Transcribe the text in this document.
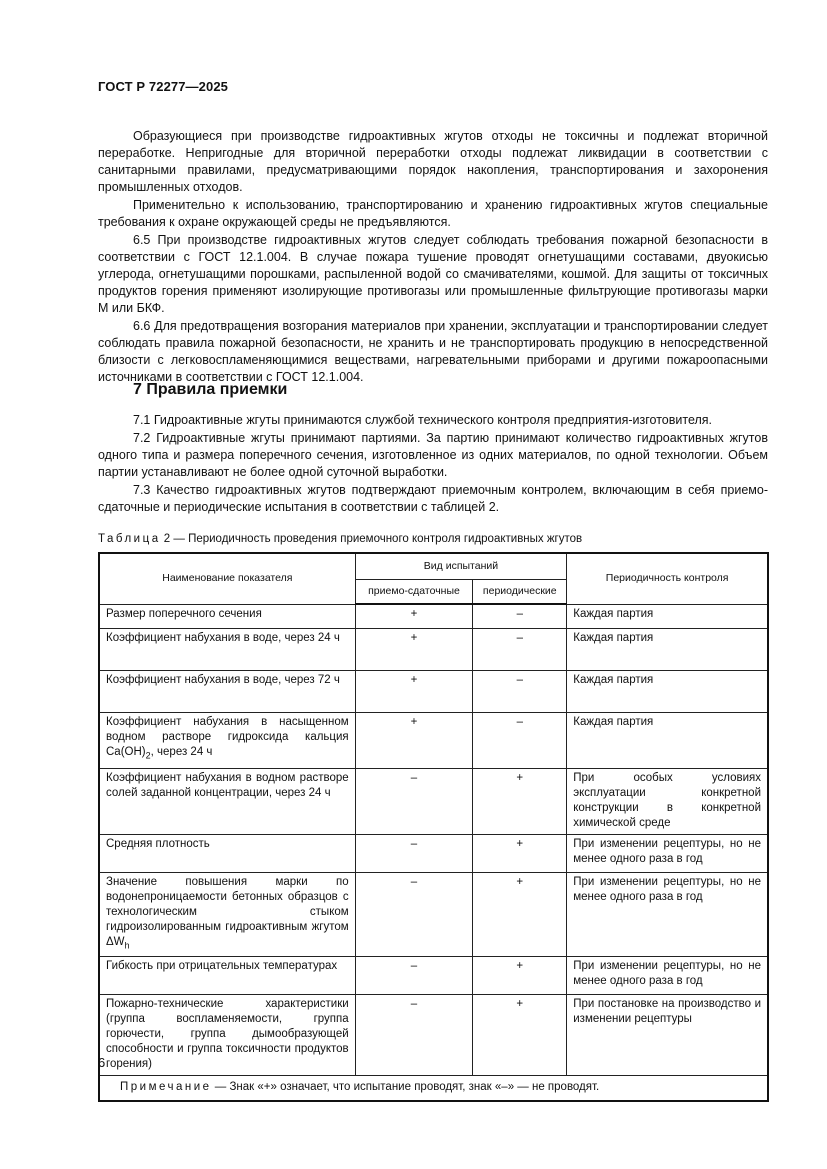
ГОСТ Р 72277—2025

Образующиеся при производстве гидроактивных жгутов отходы не токсичны и подлежат вторичной переработке. Непригодные для вторичной переработки отходы подлежат ликвидации в соответствии с санитарными правилами, предусматривающими порядок накопления, транспортирования и захоронения промышленных отходов.

Применительно к использованию, транспортированию и хранению гидроактивных жгутов специальные требования к охране окружающей среды не предъявляются.

6.5 При производстве гидроактивных жгутов следует соблюдать требования пожарной безопасности в соответствии с ГОСТ 12.1.004. В случае пожара тушение проводят огнетушащими составами, двуокисью углерода, огнетушащими порошками, распыленной водой со смачивателями, кошмой. Для защиты от токсичных продуктов горения применяют изолирующие противогазы или промышленные фильтрующие противогазы марки М или БКФ.

6.6 Для предотвращения возгорания материалов при хранении, эксплуатации и транспортировании следует соблюдать правила пожарной безопасности, не хранить и не транспортировать продукцию в непосредственной близости с легковоспламеняющимися веществами, нагревательными приборами и другими пожароопасными источниками в соответствии с ГОСТ 12.1.004.

7 Правила приемки

7.1 Гидроактивные жгуты принимаются службой технического контроля предприятия-изготовителя.

7.2 Гидроактивные жгуты принимают партиями. За партию принимают количество гидроактивных жгутов одного типа и размера поперечного сечения, изготовленное из одних материалов, по одной технологии. Объем партии устанавливают не более одной суточной выработки.

7.3 Качество гидроактивных жгутов подтверждают приемочным контролем, включающим в себя приемо-сдаточные и периодические испытания в соответствии с таблицей 2.

Таблица 2 — Периодичность проведения приемочного контроля гидроактивных жгутов
Наименование показателя	Вид испытаний		Периодичность контроля
	приемо-сдаточные	периодические	
Размер поперечного сечения	+	–	Каждая партия
Коэффициент набухания в воде, через 24 ч	+	–	Каждая партия
Коэффициент набухания в воде, через 72 ч	+	–	Каждая партия
Коэффициент набухания в насыщенном водном растворе гидроксида кальция $Ca(OH)_2$, через 24 ч	+	–	Каждая партия
Коэффициент набухания в водном растворе солей заданной концентрации, через 24 ч	–	+	При особых условиях эксплуатации конкретной конструкции в конкретной химической среде
Средняя плотность	–	+	При изменении рецептуры, но не менее одного раза в год
Значение повышения марки по водонепроницаемости бетонных образцов с технологическим стыком гидроизолированным гидроактивным жгутом $\Delta W_h$	–	+	При изменении рецептуры, но не менее одного раза в год
Гибкость при отрицательных температурах	–	+	При изменении рецептуры, но не менее одного раза в год
Пожарно-технические характеристики (группа воспламеняемости, группа горючести, группа дымообразующей способности и группа токсичности продуктов горения)	–	+	При постановке на производство и изменении рецептуры
Примечание — Знак «+» означает, что испытание проводят, знак «–» — не проводят.			
6
